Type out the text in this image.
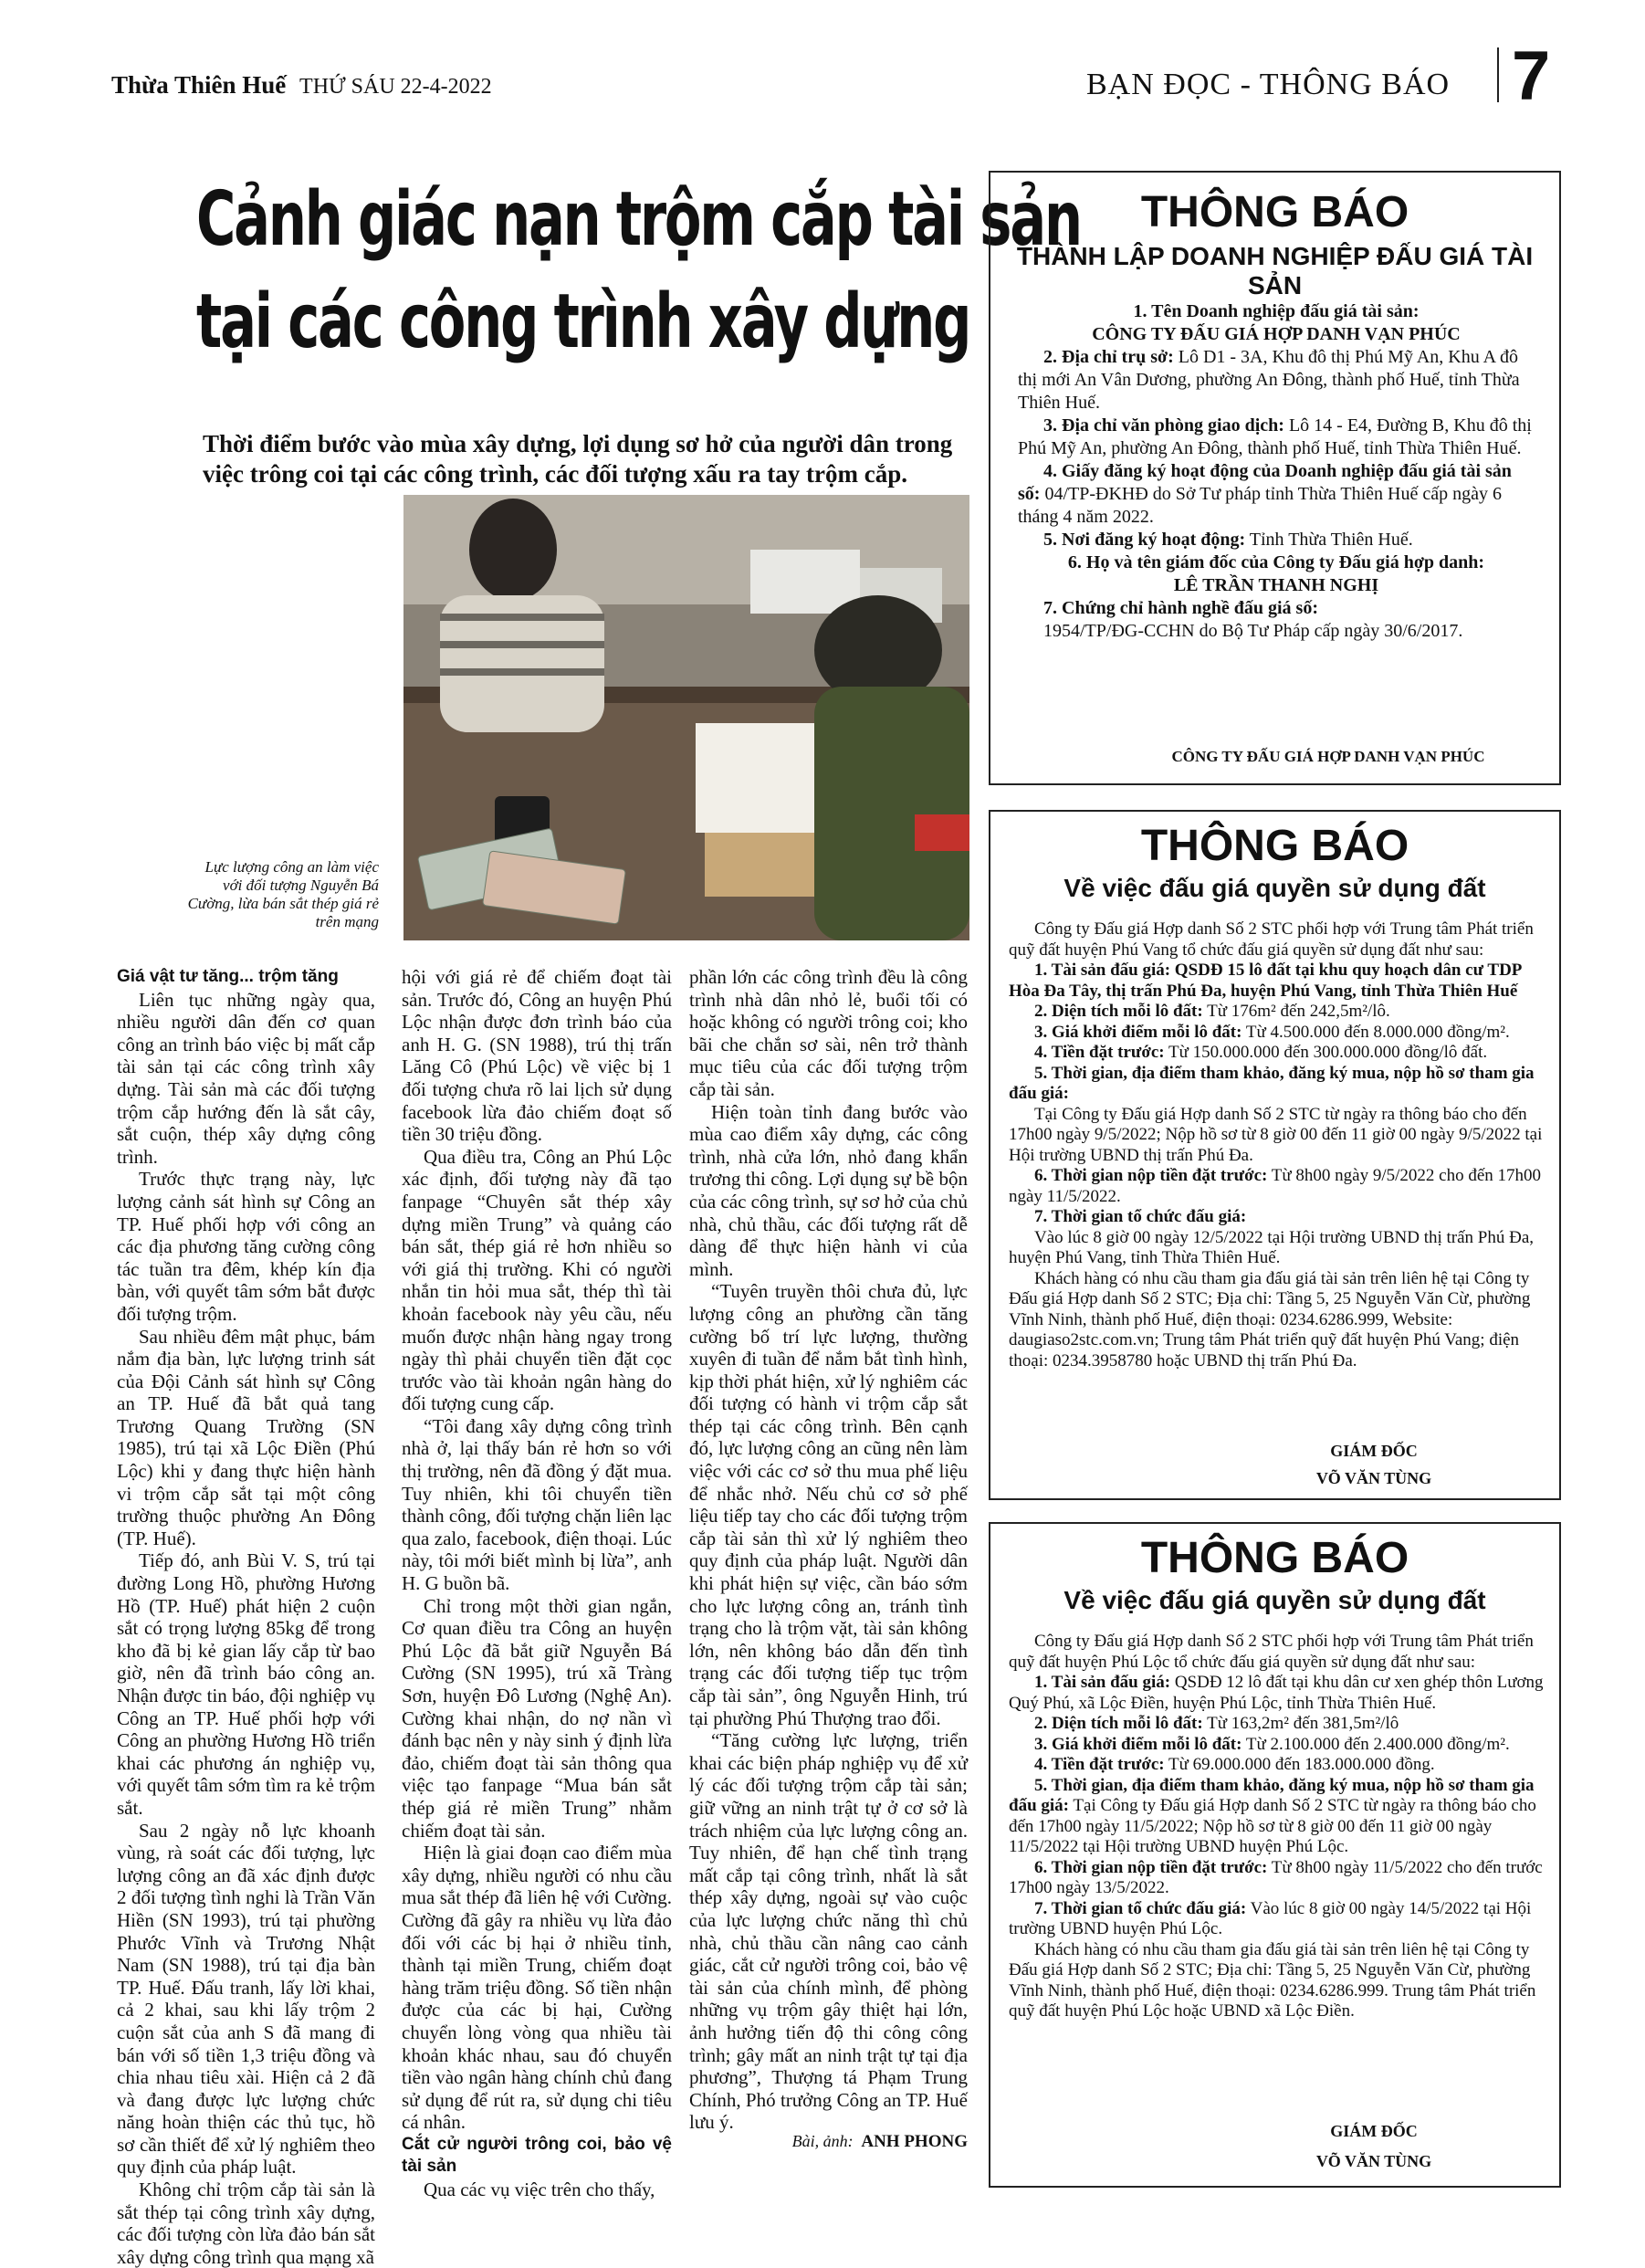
Thừa Thiên Huế THỨ SÁU 22-4-2022	BẠN ĐỌC - THÔNG BÁO 7
Cảnh giác nạn trộm cắp tài sản
tại các công trình xây dựng
Thời điểm bước vào mùa xây dựng, lợi dụng sơ hở của người dân trong việc trông coi tại các công trình, các đối tượng xấu ra tay trộm cắp.
Lực lượng công an làm việc với đối tượng Nguyễn Bá Cường, lừa bán sắt thép giá rẻ trên mạng

Giá vật tư tăng... trộm tăng

Liên tục những ngày qua, nhiều người dân đến cơ quan công an trình báo việc bị mất cắp tài sản tại các công trình xây dựng. Tài sản mà các đối tượng trộm cắp hướng đến là sắt cây, sắt cuộn, thép xây dựng công trình.

Trước thực trạng này, lực lượng cảnh sát hình sự Công an TP. Huế phối hợp với công an các địa phương tăng cường công tác tuần tra đêm, khép kín địa bàn, với quyết tâm sớm bắt được đối tượng trộm.

Sau nhiều đêm mật phục, bám nắm địa bàn, lực lượng trinh sát của Đội Cảnh sát hình sự Công an TP. Huế đã bắt quả tang Trương Quang Trường (SN 1985), trú tại xã Lộc Điền (Phú Lộc) khi y đang thực hiện hành vi trộm cắp sắt tại một công trường thuộc phường An Đông (TP. Huế).

Tiếp đó, anh Bùi V. S, trú tại đường Long Hồ, phường Hương Hồ (TP. Huế) phát hiện 2 cuộn sắt có trọng lượng 85kg để trong kho đã bị kẻ gian lấy cắp từ bao giờ, nên đã trình báo công an. Nhận được tin báo, đội nghiệp vụ Công an TP. Huế phối hợp với Công an phường Hương Hồ triển khai các phương án nghiệp vụ, với quyết tâm sớm tìm ra kẻ trộm sắt.

Sau 2 ngày nỗ lực khoanh vùng, rà soát các đối tượng, lực lượng công an đã xác định được 2 đối tượng tình nghi là Trần Văn Hiền (SN 1993), trú tại phường Phước Vĩnh và Trương Nhật Nam (SN 1988), trú tại địa bàn TP. Huế. Đấu tranh, lấy lời khai, cả 2 khai, sau khi lấy trộm 2 cuộn sắt của anh S đã mang đi bán với số tiền 1,3 triệu đồng và chia nhau tiêu xài. Hiện cả 2 đã và đang được lực lượng chức năng hoàn thiện các thủ tục, hồ sơ cần thiết để xử lý nghiêm theo quy định của pháp luật.

Không chỉ trộm cắp tài sản là sắt thép tại công trình xây dựng, các đối tượng còn lừa đảo bán sắt xây dựng công trình qua mạng xã

hội với giá rẻ để chiếm đoạt tài sản. Trước đó, Công an huyện Phú Lộc nhận được đơn trình báo của anh H. G. (SN 1988), trú thị trấn Lăng Cô (Phú Lộc) về việc bị 1 đối tượng chưa rõ lai lịch sử dụng facebook lừa đảo chiếm đoạt số tiền 30 triệu đồng.

Qua điều tra, Công an Phú Lộc xác định, đối tượng này đã tạo fanpage “Chuyên sắt thép xây dựng miền Trung” và quảng cáo bán sắt, thép giá rẻ hơn nhiều so với giá thị trường. Khi có người nhắn tin hỏi mua sắt, thép thì tài khoản facebook này yêu cầu, nếu muốn được nhận hàng ngay trong ngày thì phải chuyển tiền đặt cọc trước vào tài khoản ngân hàng do đối tượng cung cấp.

“Tôi đang xây dựng công trình nhà ở, lại thấy bán rẻ hơn so với thị trường, nên đã đồng ý đặt mua. Tuy nhiên, khi tôi chuyển tiền thành công, đối tượng chặn liên lạc qua zalo, facebook, điện thoại. Lúc này, tôi mới biết mình bị lừa”, anh H. G buồn bã.

Chỉ trong một thời gian ngắn, Cơ quan điều tra Công an huyện Phú Lộc đã bắt giữ Nguyễn Bá Cường (SN 1995), trú xã Tràng Sơn, huyện Đô Lương (Nghệ An). Cường khai nhận, do nợ nần vì đánh bạc nên y này sinh ý định lừa đảo, chiếm đoạt tài sản thông qua việc tạo fanpage “Mua bán sắt thép giá rẻ miền Trung” nhằm chiếm đoạt tài sản.

Hiện là giai đoạn cao điểm mùa xây dựng, nhiều người có nhu cầu mua sắt thép đã liên hệ với Cường. Cường đã gây ra nhiều vụ lừa đảo đối với các bị hại ở nhiều tỉnh, thành tại miền Trung, chiếm đoạt hàng trăm triệu đồng. Số tiền nhận được của các bị hại, Cường chuyển lòng vòng qua nhiều tài khoản khác nhau, sau đó chuyển tiền vào ngân hàng chính chủ đang sử dụng để rút ra, sử dụng chi tiêu cá nhân.

Cắt cử người trông coi, bảo vệ tài sản

Qua các vụ việc trên cho thấy,

phần lớn các công trình đều là công trình nhà dân nhỏ lẻ, buổi tối có hoặc không có người trông coi; kho bãi che chắn sơ sài, nên trở thành mục tiêu của các đối tượng trộm cắp tài sản.

Hiện toàn tỉnh đang bước vào mùa cao điểm xây dựng, các công trình, nhà cửa lớn, nhỏ đang khẩn trương thi công. Lợi dụng sự bề bộn của các công trình, sự sơ hở của chủ nhà, chủ thầu, các đối tượng rất dễ dàng để thực hiện hành vi của mình.

“Tuyên truyền thôi chưa đủ, lực lượng công an phường cần tăng cường bố trí lực lượng, thường xuyên đi tuần để nắm bắt tình hình, kịp thời phát hiện, xử lý nghiêm các đối tượng có hành vi trộm cắp sắt thép tại các công trình. Bên cạnh đó, lực lượng công an cũng nên làm việc với các cơ sở thu mua phế liệu để nhắc nhở. Nếu chủ cơ sở phế liệu tiếp tay cho các đối tượng trộm cắp tài sản thì xử lý nghiêm theo quy định của pháp luật. Người dân khi phát hiện sự việc, cần báo sớm cho lực lượng công an, tránh tình trạng cho là trộm vặt, tài sản không lớn, nên không báo dẫn đến tình trạng các đối tượng tiếp tục trộm cắp tài sản”, ông Nguyễn Hinh, trú tại phường Phú Thượng trao đổi.

“Tăng cường lực lượng, triển khai các biện pháp nghiệp vụ để xử lý các đối tượng trộm cắp tài sản; giữ vững an ninh trật tự ở cơ sở là trách nhiệm của lực lượng công an. Tuy nhiên, để hạn chế tình trạng mất cắp tại công trình, nhất là sắt thép xây dựng, ngoài sự vào cuộc của lực lượng chức năng thì chủ nhà, chủ thầu cần nâng cao cảnh giác, cắt cử người trông coi, bảo vệ tài sản của chính mình, để phòng những vụ trộm gây thiệt hại lớn, ảnh hưởng tiến độ thi công công trình; gây mất an ninh trật tự tại địa phương”, Thượng tá Phạm Trung Chính, Phó trưởng Công an TP. Huế lưu ý.

Bài, ảnh: ANH PHONG
THÔNG BÁO
THÀNH LẬP DOANH NGHIỆP ĐẤU GIÁ TÀI SẢN

1. Tên Doanh nghiệp đấu giá tài sản:

CÔNG TY ĐẤU GIÁ HỢP DANH VẠN PHÚC

2. Địa chỉ trụ sở: Lô D1 - 3A, Khu đô thị Phú Mỹ An, Khu A đô thị mới An Vân Dương, phường An Đông, thành phố Huế, tỉnh Thừa Thiên Huế.

3. Địa chỉ văn phòng giao dịch: Lô 14 - E4, Đường B, Khu đô thị Phú Mỹ An, phường An Đông, thành phố Huế, tỉnh Thừa Thiên Huế.

4. Giấy đăng ký hoạt động của Doanh nghiệp đấu giá tài sản số: 04/TP-ĐKHĐ do Sở Tư pháp tỉnh Thừa Thiên Huế cấp ngày 6 tháng 4 năm 2022.

5. Nơi đăng ký hoạt động: Tỉnh Thừa Thiên Huế.

6. Họ và tên giám đốc của Công ty Đấu giá hợp danh:

LÊ TRẦN THANH NGHỊ

7. Chứng chỉ hành nghề đấu giá số:

1954/TP/ĐG-CCHN do Bộ Tư Pháp cấp ngày 30/6/2017.

CÔNG TY ĐẤU GIÁ HỢP DANH VẠN PHÚC
THÔNG BÁO
Về việc đấu giá quyền sử dụng đất

Công ty Đấu giá Hợp danh Số 2 STC phối hợp với Trung tâm Phát triển quỹ đất huyện Phú Vang tổ chức đấu giá quyền sử dụng đất như sau:

1. Tài sản đấu giá: QSDĐ 15 lô đất tại khu quy hoạch dân cư TDP Hòa Đa Tây, thị trấn Phú Đa, huyện Phú Vang, tỉnh Thừa Thiên Huế

2. Diện tích mỗi lô đất: Từ 176m² đến 242,5m²/lô.

3. Giá khởi điểm mỗi lô đất: Từ 4.500.000 đến 8.000.000 đồng/m².

4. Tiền đặt trước: Từ 150.000.000 đến 300.000.000 đồng/lô đất.

5. Thời gian, địa điểm tham khảo, đăng ký mua, nộp hồ sơ tham gia đấu giá:

Tại Công ty Đấu giá Hợp danh Số 2 STC từ ngày ra thông báo cho đến 17h00 ngày 9/5/2022; Nộp hồ sơ từ 8 giờ 00 đến 11 giờ 00 ngày 9/5/2022 tại Hội trường UBND thị trấn Phú Đa.

6. Thời gian nộp tiền đặt trước: Từ 8h00 ngày 9/5/2022 cho đến 17h00 ngày 11/5/2022.

7. Thời gian tổ chức đấu giá:

Vào lúc 8 giờ 00 ngày 12/5/2022 tại Hội trường UBND thị trấn Phú Đa, huyện Phú Vang, tỉnh Thừa Thiên Huế.

Khách hàng có nhu cầu tham gia đấu giá tài sản trên liên hệ tại Công ty Đấu giá Hợp danh Số 2 STC; Địa chỉ: Tầng 5, 25 Nguyễn Văn Cừ, phường Vĩnh Ninh, thành phố Huế, điện thoại: 0234.6286.999, Website: daugiaso2stc.com.vn; Trung tâm Phát triển quỹ đất huyện Phú Vang; điện thoại: 0234.3958780 hoặc UBND thị trấn Phú Đa.

GIÁM ĐỐC
VÕ VĂN TÙNG
THÔNG BÁO
Về việc đấu giá quyền sử dụng đất

Công ty Đấu giá Hợp danh Số 2 STC phối hợp với Trung tâm Phát triển quỹ đất huyện Phú Lộc tổ chức đấu giá quyền sử dụng đất như sau:

1. Tài sản đấu giá: QSDĐ 12 lô đất tại khu dân cư xen ghép thôn Lương Quý Phú, xã Lộc Điền, huyện Phú Lộc, tỉnh Thừa Thiên Huế.

2. Diện tích mỗi lô đất: Từ 163,2m² đến 381,5m²/lô

3. Giá khởi điểm mỗi lô đất: Từ 2.100.000 đến 2.400.000 đồng/m².

4. Tiền đặt trước: Từ 69.000.000 đến 183.000.000 đồng.

5. Thời gian, địa điểm tham khảo, đăng ký mua, nộp hồ sơ tham gia đấu giá: Tại Công ty Đấu giá Hợp danh Số 2 STC từ ngày ra thông báo cho đến 17h00 ngày 11/5/2022; Nộp hồ sơ từ 8 giờ 00 đến 11 giờ 00 ngày 11/5/2022 tại Hội trường UBND huyện Phú Lộc.

6. Thời gian nộp tiền đặt trước: Từ 8h00 ngày 11/5/2022 cho đến trước 17h00 ngày 13/5/2022.

7. Thời gian tổ chức đấu giá: Vào lúc 8 giờ 00 ngày 14/5/2022 tại Hội trường UBND huyện Phú Lộc.

Khách hàng có nhu cầu tham gia đấu giá tài sản trên liên hệ tại Công ty Đấu giá Hợp danh Số 2 STC; Địa chỉ: Tầng 5, 25 Nguyễn Văn Cừ, phường Vĩnh Ninh, thành phố Huế, điện thoại: 0234.6286.999. Trung tâm Phát triển quỹ đất huyện Phú Lộc hoặc UBND xã Lộc Điền.

GIÁM ĐỐC
VÕ VĂN TÙNG
